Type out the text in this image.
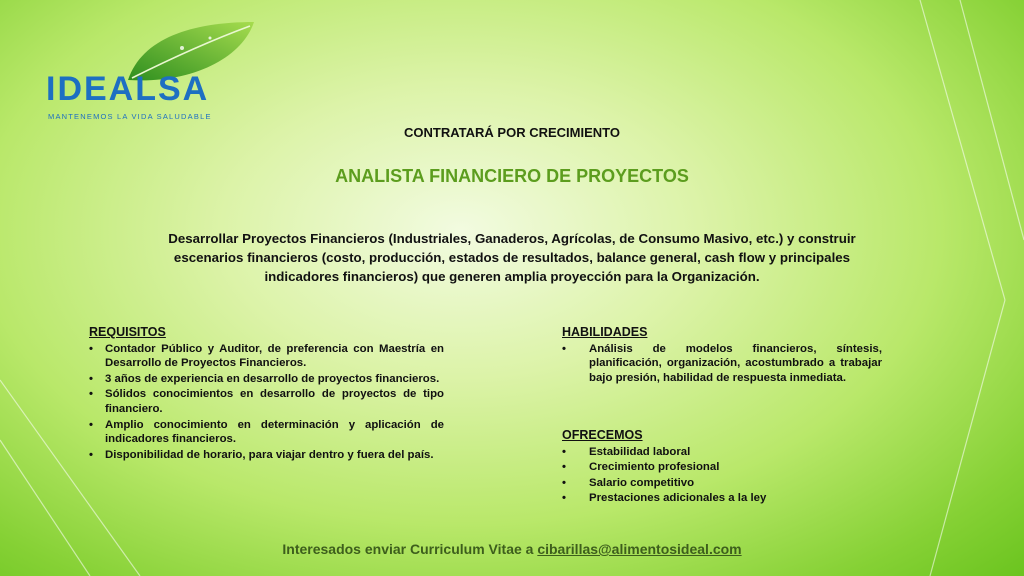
IDEALSA
MANTENEMOS LA VIDA SALUDABLE
CONTRATARÁ POR CRECIMIENTO
ANALISTA FINANCIERO DE PROYECTOS
Desarrollar Proyectos Financieros (Industriales, Ganaderos, Agrícolas, de Consumo Masivo, etc.) y construir escenarios financieros (costo, producción, estados de resultados, balance general, cash flow y principales indicadores financieros) que generen amplia proyección para la Organización.
REQUISITOS
• Contador Público y Auditor, de preferencia con Maestría en Desarrollo de Proyectos Financieros.
• 3 años de experiencia en desarrollo de proyectos financieros.
• Sólidos conocimientos en desarrollo de proyectos de tipo financiero.
• Amplio conocimiento en determinación y aplicación de indicadores financieros.
• Disponibilidad de horario, para viajar dentro y fuera del país.
HABILIDADES
• Análisis de modelos financieros, síntesis, planificación, organización, acostumbrado a trabajar bajo presión, habilidad de respuesta inmediata.
OFRECEMOS
• Estabilidad laboral
• Crecimiento profesional
• Salario competitivo
• Prestaciones adicionales a la ley
Interesados enviar Curriculum Vitae a cibarillas@alimentosideal.com
